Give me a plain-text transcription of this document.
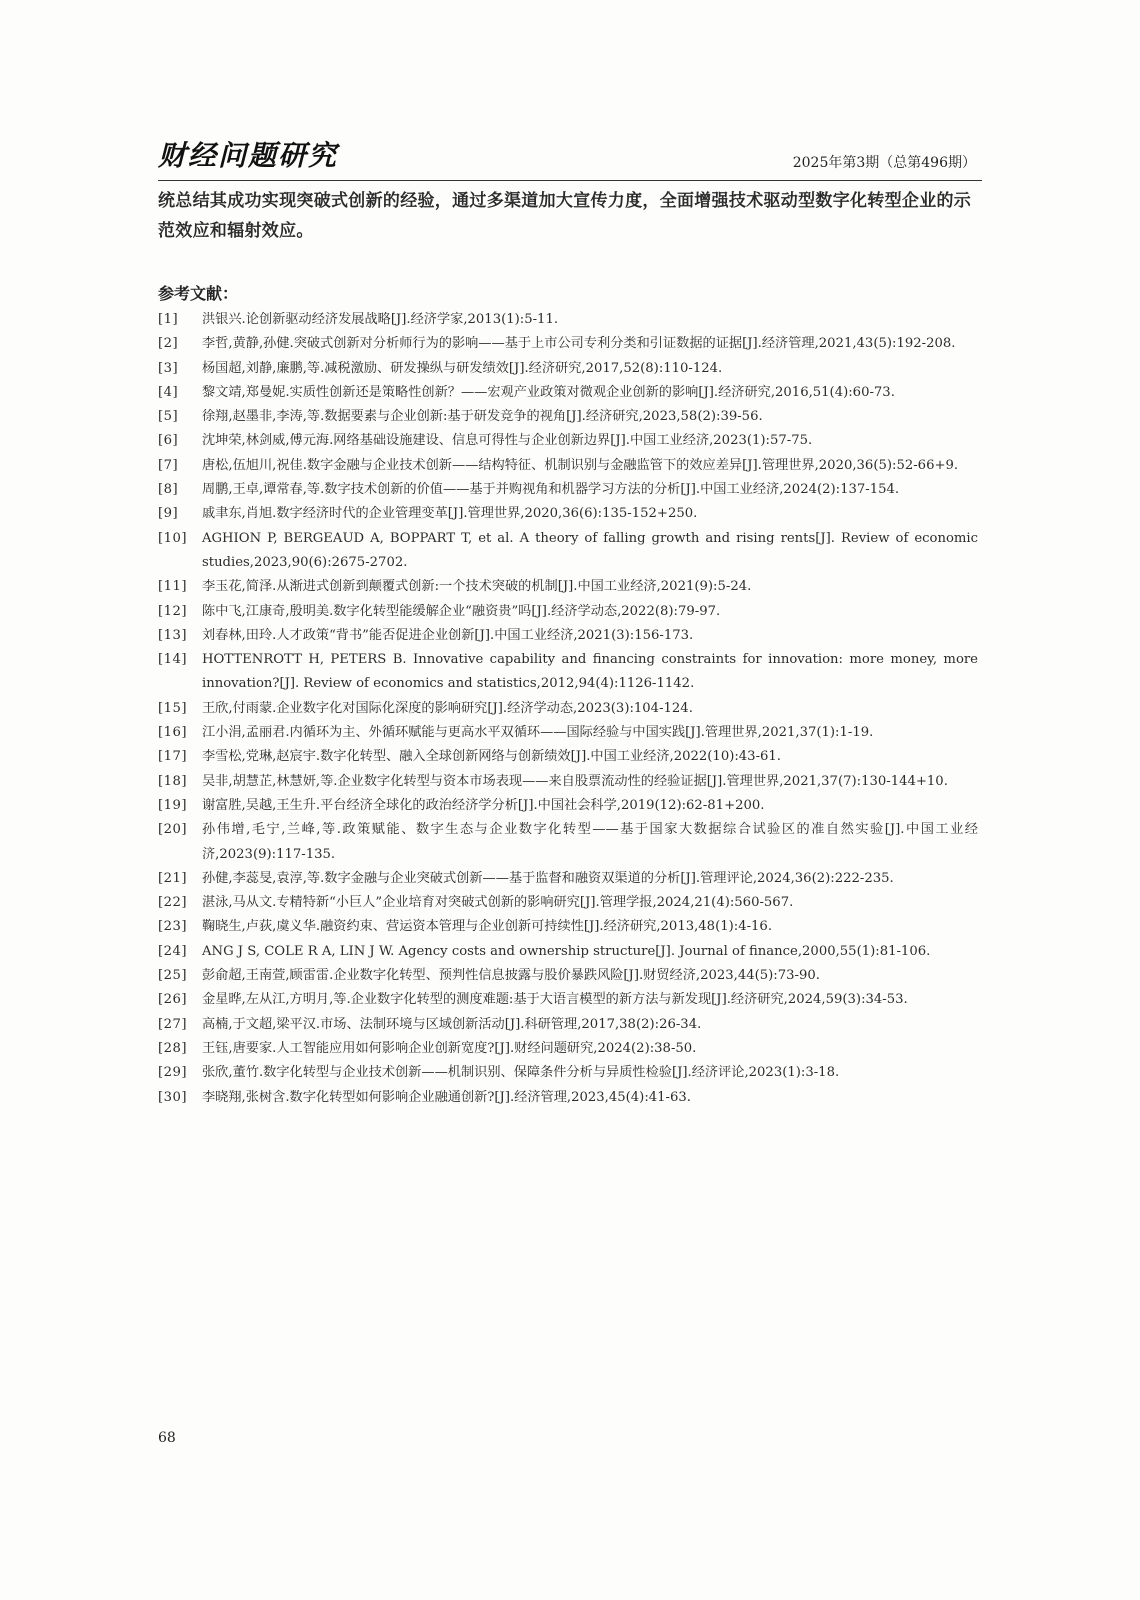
财经问题研究	2025年第3期（总第496期）
统总结其成功实现突破式创新的经验，通过多渠道加大宣传力度，全面增强技术驱动型数字化转型企业的示范效应和辐射效应。
参考文献：
[1]	洪银兴.论创新驱动经济发展战略[J].经济学家,2013(1):5-11.
[2]	李哲,黄静,孙健.突破式创新对分析师行为的影响——基于上市公司专利分类和引证数据的证据[J].经济管理,2021,43(5):192-208.
[3]	杨国超,刘静,廉鹏,等.减税激励、研发操纵与研发绩效[J].经济研究,2017,52(8):110-124.
[4]	黎文靖,郑曼妮.实质性创新还是策略性创新？——宏观产业政策对微观企业创新的影响[J].经济研究,2016,51(4):60-73.
[5]	徐翔,赵墨非,李涛,等.数据要素与企业创新:基于研发竞争的视角[J].经济研究,2023,58(2):39-56.
[6]	沈坤荣,林剑威,傅元海.网络基础设施建设、信息可得性与企业创新边界[J].中国工业经济,2023(1):57-75.
[7]	唐松,伍旭川,祝佳.数字金融与企业技术创新——结构特征、机制识别与金融监管下的效应差异[J].管理世界,2020,36(5):52-66+9.
[8]	周鹏,王卓,谭常春,等.数字技术创新的价值——基于并购视角和机器学习方法的分析[J].中国工业经济,2024(2):137-154.
[9]	戚聿东,肖旭.数字经济时代的企业管理变革[J].管理世界,2020,36(6):135-152+250.
[10]	AGHION P, BERGEAUD A, BOPPART T, et al. A theory of falling growth and rising rents[J]. Review of economic studies,2023,90(6):2675-2702.
[11]	李玉花,简泽.从渐进式创新到颠覆式创新:一个技术突破的机制[J].中国工业经济,2021(9):5-24.
[12]	陈中飞,江康奇,殷明美.数字化转型能缓解企业“融资贵”吗[J].经济学动态,2022(8):79-97.
[13]	刘春林,田玲.人才政策“背书”能否促进企业创新[J].中国工业经济,2021(3):156-173.
[14]	HOTTENROTT H, PETERS B. Innovative capability and financing constraints for innovation: more money, more innovation?[J]. Review of economics and statistics,2012,94(4):1126-1142.
[15]	王欣,付雨蒙.企业数字化对国际化深度的影响研究[J].经济学动态,2023(3):104-124.
[16]	江小涓,孟丽君.内循环为主、外循环赋能与更高水平双循环——国际经验与中国实践[J].管理世界,2021,37(1):1-19.
[17]	李雪松,党琳,赵宸宇.数字化转型、融入全球创新网络与创新绩效[J].中国工业经济,2022(10):43-61.
[18]	吴非,胡慧芷,林慧妍,等.企业数字化转型与资本市场表现——来自股票流动性的经验证据[J].管理世界,2021,37(7):130-144+10.
[19]	谢富胜,吴越,王生升.平台经济全球化的政治经济学分析[J].中国社会科学,2019(12):62-81+200.
[20]	孙伟增,毛宁,兰峰,等.政策赋能、数字生态与企业数字化转型——基于国家大数据综合试验区的准自然实验[J].中国工业经济,2023(9):117-135.
[21]	孙健,李蕊旻,袁淳,等.数字金融与企业突破式创新——基于监督和融资双渠道的分析[J].管理评论,2024,36(2):222-235.
[22]	湛泳,马从文.专精特新“小巨人”企业培育对突破式创新的影响研究[J].管理学报,2024,21(4):560-567.
[23]	鞠晓生,卢荻,虞义华.融资约束、营运资本管理与企业创新可持续性[J].经济研究,2013,48(1):4-16.
[24]	ANG J S, COLE R A, LIN J W. Agency costs and ownership structure[J]. Journal of finance,2000,55(1):81-106.
[25]	彭俞超,王南萱,顾雷雷.企业数字化转型、预判性信息披露与股价暴跌风险[J].财贸经济,2023,44(5):73-90.
[26]	金星晔,左从江,方明月,等.企业数字化转型的测度难题:基于大语言模型的新方法与新发现[J].经济研究,2024,59(3):34-53.
[27]	高楠,于文超,梁平汉.市场、法制环境与区域创新活动[J].科研管理,2017,38(2):26-34.
[28]	王钰,唐要家.人工智能应用如何影响企业创新宽度?[J].财经问题研究,2024(2):38-50.
[29]	张欣,董竹.数字化转型与企业技术创新——机制识别、保障条件分析与异质性检验[J].经济评论,2023(1):3-18.
[30]	李晓翔,张树含.数字化转型如何影响企业融通创新?[J].经济管理,2023,45(4):41-63.
68
